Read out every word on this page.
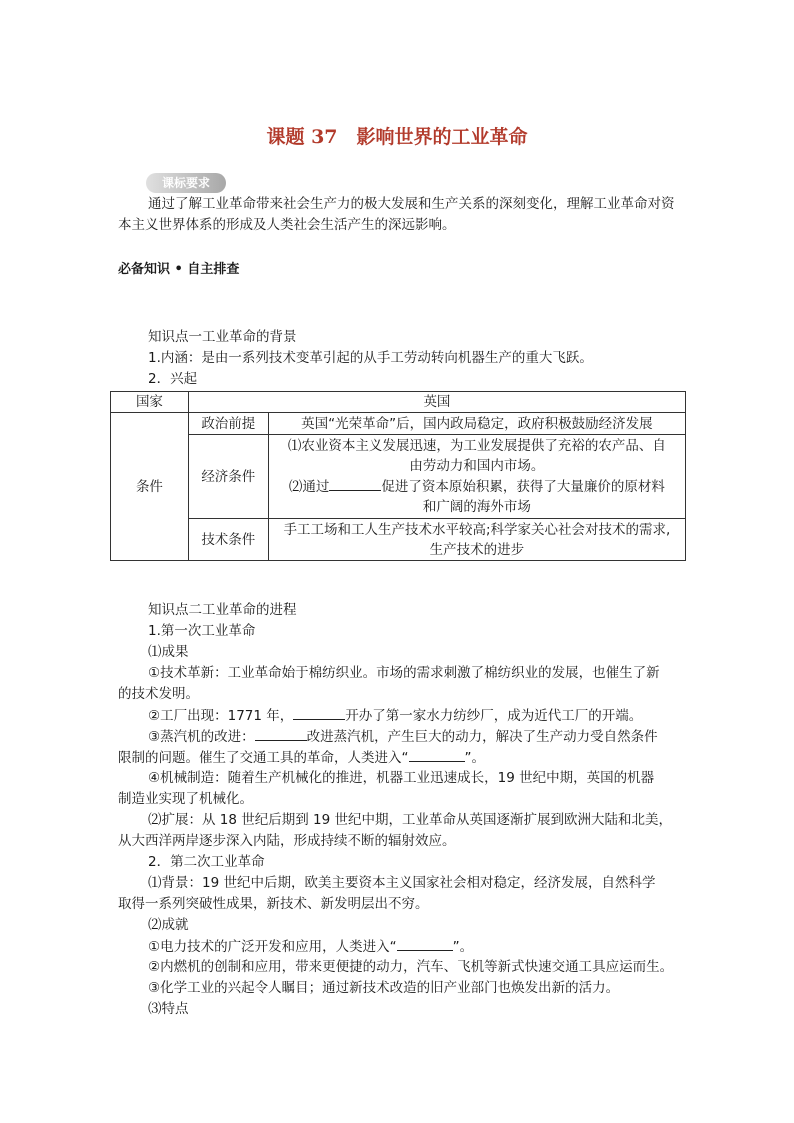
课题 37　影响世界的工业革命
课标要求

通过了解工业革命带来社会生产力的极大发展和生产关系的深刻变化，理解工业革命对资本主义世界体系的形成及人类社会生活产生的深远影响。

必备知识 • 自主排查
知识点一工业革命的背景
1.内涵：是由一系列技术变革引起的从手工劳动转向机器生产的重大飞跃。
2．兴起
国家	英国	
条件	政治前提	英国“光荣革命”后，国内政局稳定，政府积极鼓励经济发展
	经济条件	⑴农业资本主义发展迅速，为工业发展提供了充裕的农产品、自
由劳动力和国内市场。
⑵通过 促进了资本原始积累，获得了大量廉价的原材料
和广阔的海外市场

	技术条件	手工工场和工人生产技术水平较高;科学家关心社会对技术的需求,
生产技术的进步
知识点二工业革命的进程
1.第一次工业革命
⑴成果
①技术革新：工业革命始于棉纺织业。市场的需求刺激了棉纺织业的发展，也催生了新
的技术发明。
②工厂出现：1771 年，	开办了第一家水力纺纱厂，成为近代工厂的开端。
③蒸汽机的改进：	改进蒸汽机，产生巨大的动力，解决了生产动力受自然条件
限制的问题。催生了交通工具的革命，人类进入“	”。
④机械制造：随着生产机械化的推进，机器工业迅速成长，19 世纪中期，英国的机器
制造业实现了机械化。
⑵扩展：从 18 世纪后期到 19 世纪中期，工业革命从英国逐渐扩展到欧洲大陆和北美，
从大西洋两岸逐步深入内陆，形成持续不断的辐射效应。
2．第二次工业革命
⑴背景：19 世纪中后期，欧美主要资本主义国家社会相对稳定，经济发展，自然科学
取得一系列突破性成果，新技术、新发明层出不穷。
⑵成就
①电力技术的广泛开发和应用，人类进入“	”。
②内燃机的创制和应用，带来更便捷的动力，汽车、飞机等新式快速交通工具应运而生。
③化学工业的兴起令人瞩目；通过新技术改造的旧产业部门也焕发出新的活力。
⑶特点
